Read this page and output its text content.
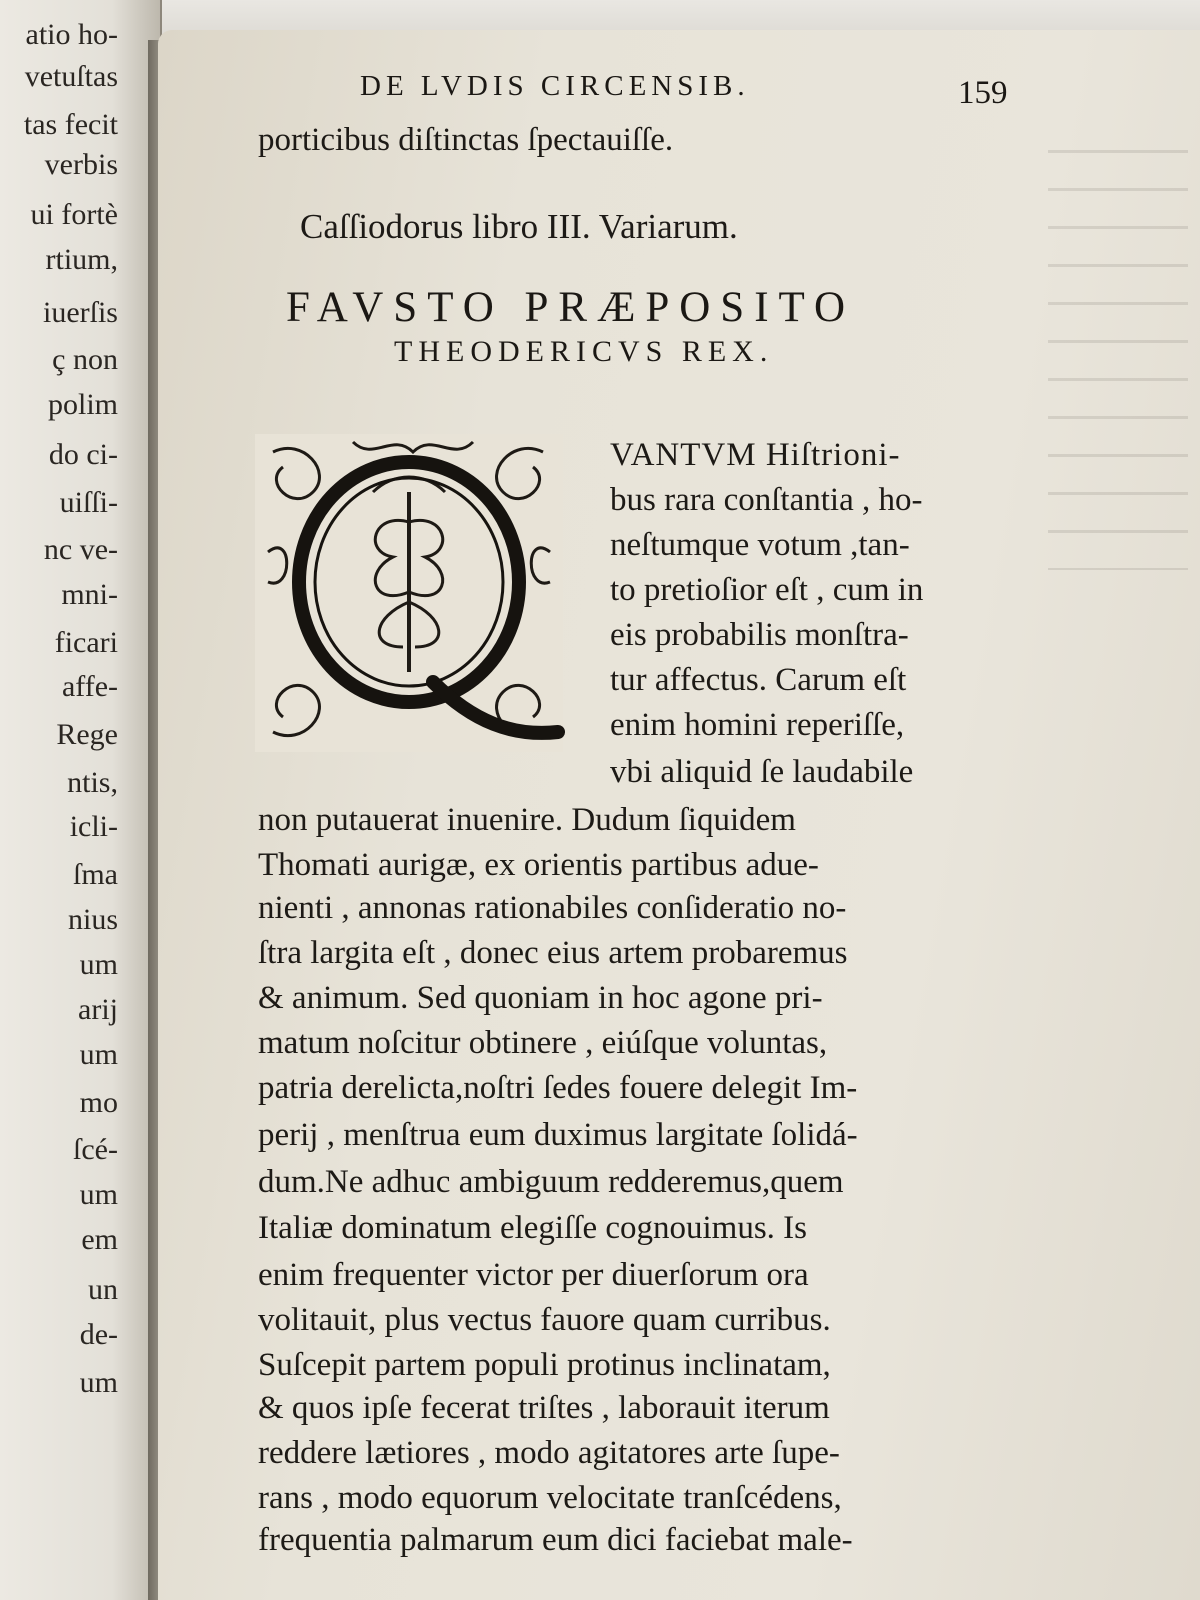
atio ho-
vetuſtas
tas fecit
verbis
ui fortè
rtium,
iuerſis
ç non
polim
do ci-
uiſſi-
nc ve-
mni-
ficari
affe-
Rege
ntis,
icli-
ſma
nius
um
arij
um
mo
ſcé-
um
em
un
de-
um
DE LVDIS CIRCENSIB.	159
porticibus diſtinctas ſpectauiſſe.
Caſſiodorus libro III. Variarum.
FAVSTO PRÆPOSITO
THEODERICVS REX.
Q
VANTVM Hiſtrioni-
bus rara conſtantia , ho-
neſtumque votum ,tan-
to pretioſior eſt , cum in
eis probabilis monſtra-
tur affectus. Carum eſt
enim homini reperiſſe,
vbi aliquid ſe laudabile
non putauerat inuenire. Dudum ſiquidem
Thomati aurigæ, ex orientis partibus adue-
nienti , annonas rationabiles conſideratio no-
ſtra largita eſt , donec eius artem probaremus
& animum. Sed quoniam in hoc agone pri-
matum noſcitur obtinere , eiúſque voluntas,
patria derelicta,noſtri ſedes fouere delegit Im-
perij , menſtrua eum duximus largitate ſolidá-
dum.Ne adhuc ambiguum redderemus,quem
Italiæ dominatum elegiſſe cognouimus. Is
enim frequenter victor per diuerſorum ora
volitauit, plus vectus fauore quam curribus.
Suſcepit partem populi protinus inclinatam,
& quos ipſe fecerat triſtes , laborauit iterum
reddere lætiores , modo agitatores arte ſupe-
rans , modo equorum velocitate tranſcédens,
frequentia palmarum eum dici faciebat male-
